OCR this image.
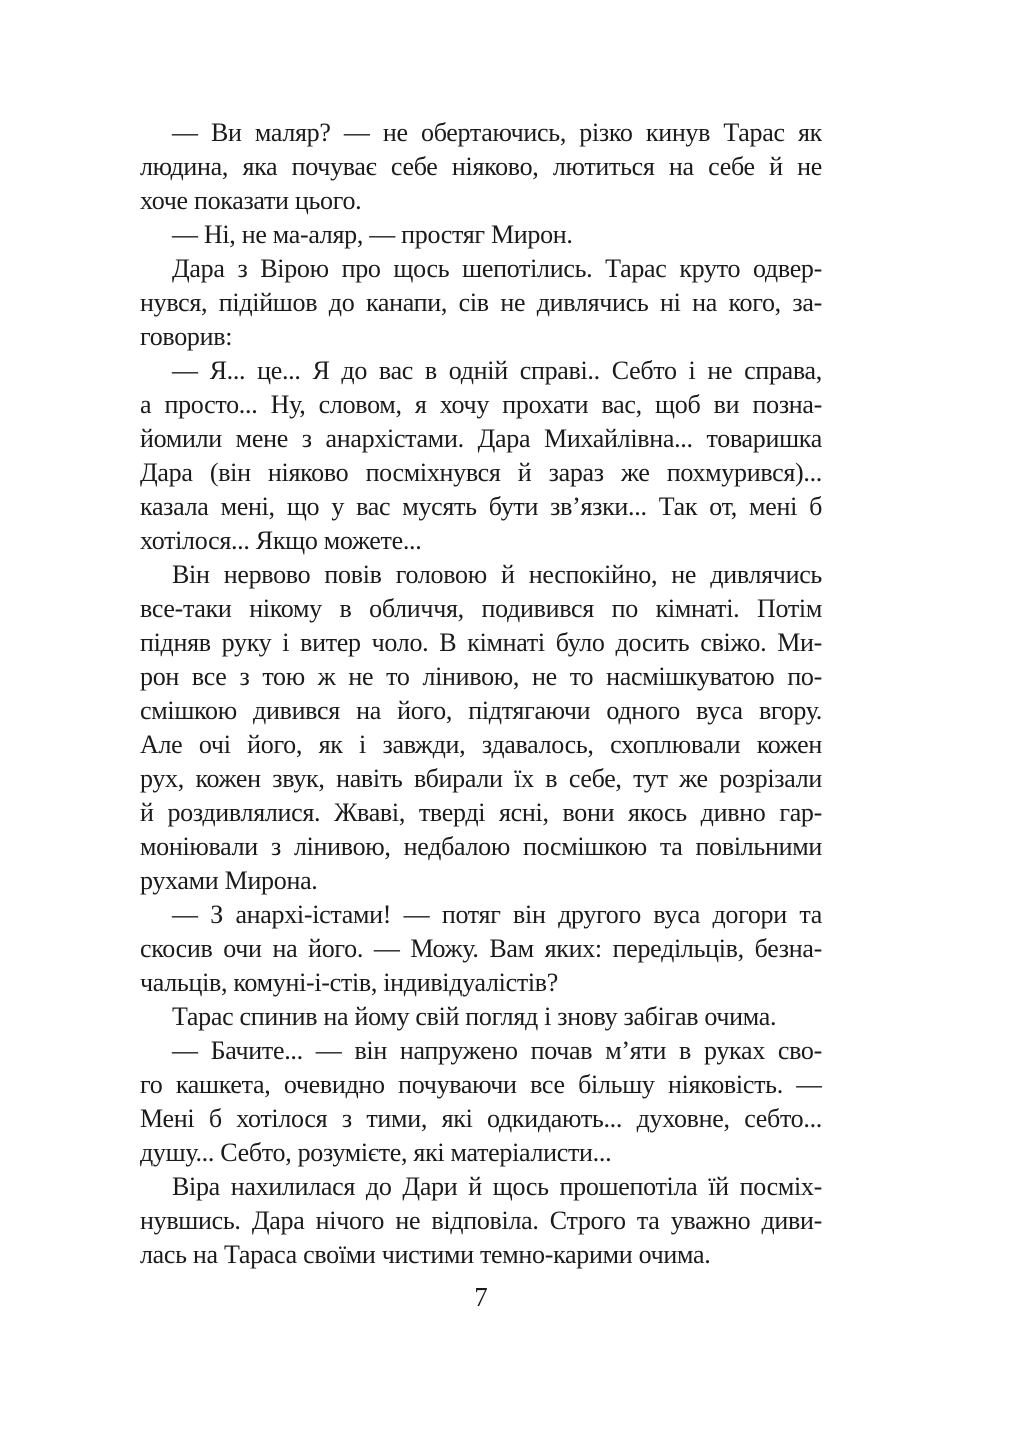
— Ви маляр? — не обертаючись, різко кинув Тарас як
людина, яка почуває себе ніяково, лютиться на себе й не
хоче показати цього.
— Ні, не ма-аляр, — простяг Мирон.
Дара з Вірою про щось шепотілись. Тарас круто одвер-
нувся, підійшов до канапи, сів не дивлячись ні на кого, за-
говорив:
— Я... це... Я до вас в одній справі.. Себто і не справа,
а просто... Ну, словом, я хочу прохати вас, щоб ви позна-
йомили мене з анархістами. Дара Михайлівна... товаришка
Дара (він ніяково посміхнувся й зараз же похмурився)...
казала мені, що у вас мусять бути зв’язки... Так от, мені б
хотілося... Якщо можете...
Він нервово повів головою й неспокійно, не дивлячись
все-таки нікому в обличчя, подивився по кімнаті. Потім
підняв руку і витер чоло. В кімнаті було досить свіжо. Ми-
рон все з тою ж не то лінивою, не то насмішкуватою по-
смішкою дивився на його, підтягаючи одного вуса вгору.
Але очі його, як і завжди, здавалось, схоплювали кожен
рух, кожен звук, навіть вбирали їх в себе, тут же розрізали
й роздивлялися. Жваві, тверді ясні, вони якось дивно гар-
моніювали з лінивою, недбалою посмішкою та повільними
рухами Мирона.
— З анархі-істами! — потяг він другого вуса догори та
скосив очи на його. — Можу. Вам яких: передільців, безна-
чальців, комуні-і-стів, індивідуалістів?
Тарас спинив на йому свій погляд і знову забігав очима.
— Бачите... — він напружено почав м’яти в руках сво-
го кашкета, очевидно почуваючи все більшу ніяковість. —
Мені б хотілося з тими, які одкидають... духовне, себто...
душу... Себто, розумієте, які матеріалисти...
Віра нахилилася до Дари й щось прошепотіла їй посміх-
нувшись. Дара нічого не відповіла. Строго та уважно диви-
лась на Тараса своїми чистими темно-карими очима.
7
